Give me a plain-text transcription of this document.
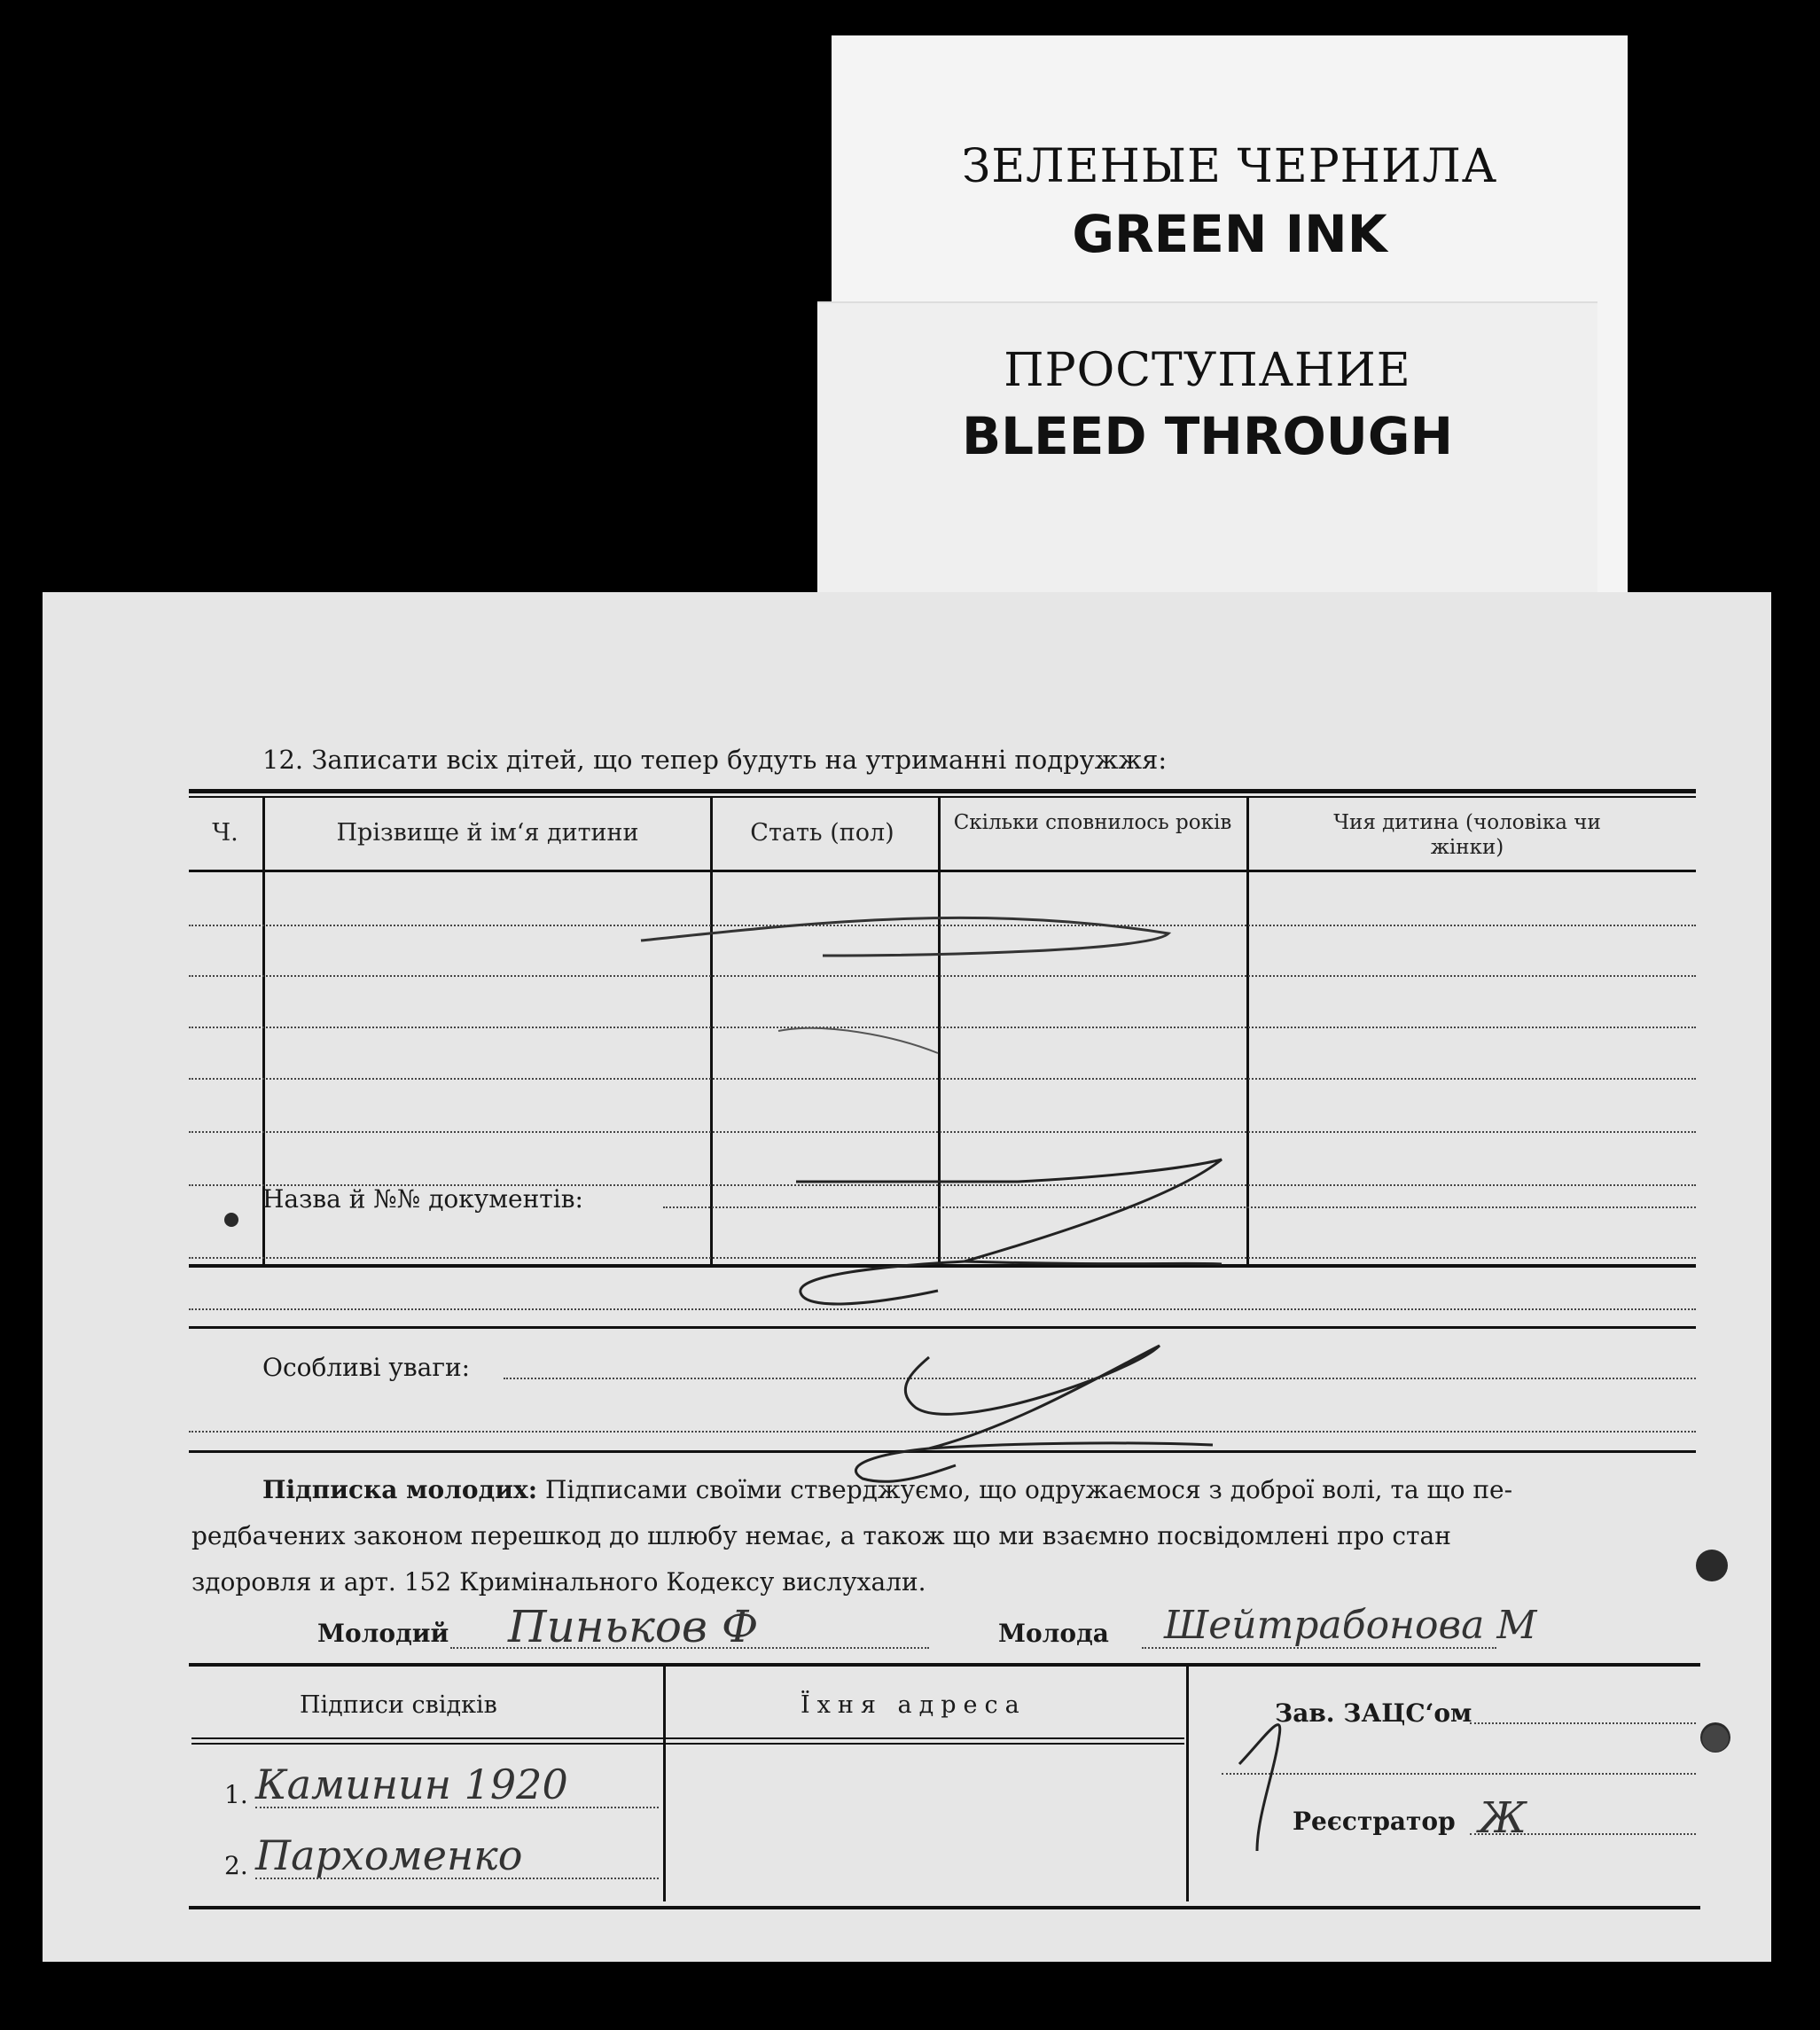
ЗЕЛЕНЫЕ ЧЕРНИЛА
GREEN INK
ПРОСТУПАНИЕ
BLEED THROUGH
12. Записати всіх дітей, що тепер будуть на утриманні подружжя:
Ч.	Прізвище й ім‘я дитини	Стать (пол)	Скільки сповнилось років	Чия дитина (чоловіка чи жінки)
Назва й №№ документів:
Особливі уваги:
Підписка молодих: Підписами своїми стверджуємо, що одружаємося з доброї волі, та що пе-
редбачених законом перешкод до шлюбу немає, а також що ми взаємно посвідомлені про стан
здоровля и арт. 152 Кримінального Кодексу вислухали.
Молодий Пиньков Ф	Молода Шейтрабонова М
Підписи свідків	Їхня адреса
1. Каминин 1920
2. Пархоменко
Зав. ЗАЦС‘ом
Реєстратор Ж
